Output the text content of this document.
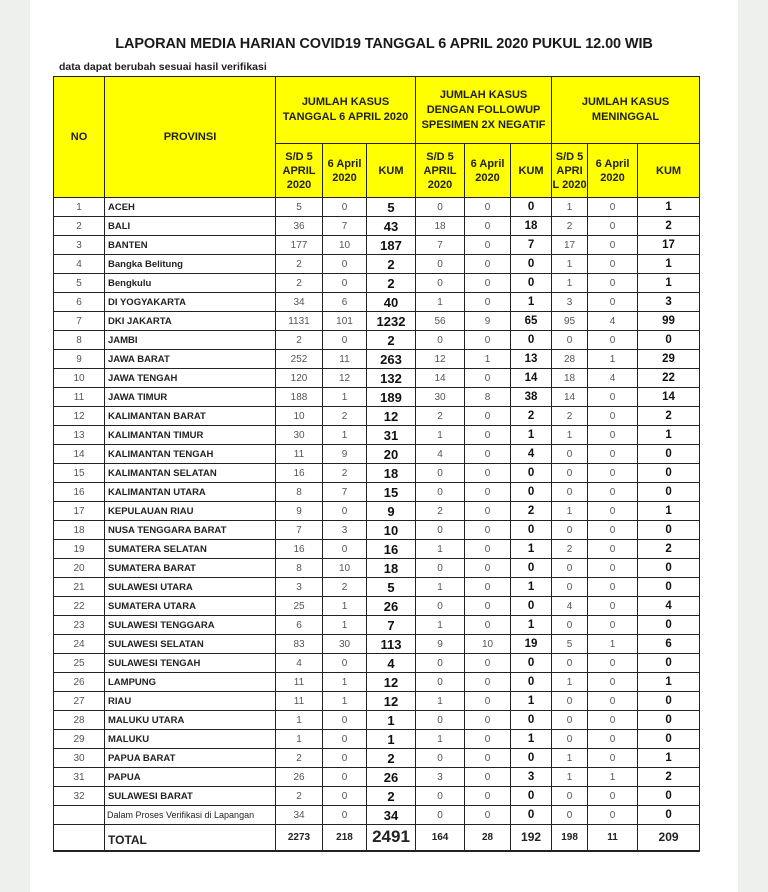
LAPORAN MEDIA HARIAN COVID19 TANGGAL 6 APRIL 2020 PUKUL 12.00 WIB
data dapat berubah sesuai hasil verifikasi
NO	PROVINSI	JUMLAH KASUS TANGGAL 6 APRIL 2020			JUMLAH KASUS DENGAN FOLLOWUP SPESIMEN 2X NEGATIF			JUMLAH KASUS MENINGGAL		
		S/D 5 APRIL 2020	6 April 2020	KUM	S/D 5 APRIL 2020	6 April 2020	KUM	S/D 5 APRI L 2020	6 April 2020	KUM
1	ACEH	5	0	5	0	0	0	1	0	1
2	BALI	36	7	43	18	0	18	2	0	2
3	BANTEN	177	10	187	7	0	7	17	0	17
4	Bangka Belitung	2	0	2	0	0	0	1	0	1
5	Bengkulu	2	0	2	0	0	0	1	0	1
6	DI YOGYAKARTA	34	6	40	1	0	1	3	0	3
7	DKI JAKARTA	1131	101	1232	56	9	65	95	4	99
8	JAMBI	2	0	2	0	0	0	0	0	0
9	JAWA BARAT	252	11	263	12	1	13	28	1	29
10	JAWA TENGAH	120	12	132	14	0	14	18	4	22
11	JAWA TIMUR	188	1	189	30	8	38	14	0	14
12	KALIMANTAN BARAT	10	2	12	2	0	2	2	0	2
13	KALIMANTAN TIMUR	30	1	31	1	0	1	1	0	1
14	KALIMANTAN TENGAH	11	9	20	4	0	4	0	0	0
15	KALIMANTAN SELATAN	16	2	18	0	0	0	0	0	0
16	KALIMANTAN UTARA	8	7	15	0	0	0	0	0	0
17	KEPULAUAN RIAU	9	0	9	2	0	2	1	0	1
18	NUSA TENGGARA BARAT	7	3	10	0	0	0	0	0	0
19	SUMATERA SELATAN	16	0	16	1	0	1	2	0	2
20	SUMATERA BARAT	8	10	18	0	0	0	0	0	0
21	SULAWESI UTARA	3	2	5	1	0	1	0	0	0
22	SUMATERA UTARA	25	1	26	0	0	0	4	0	4
23	SULAWESI TENGGARA	6	1	7	1	0	1	0	0	0
24	SULAWESI SELATAN	83	30	113	9	10	19	5	1	6
25	SULAWESI TENGAH	4	0	4	0	0	0	0	0	0
26	LAMPUNG	11	1	12	0	0	0	1	0	1
27	RIAU	11	1	12	1	0	1	0	0	0
28	MALUKU UTARA	1	0	1	0	0	0	0	0	0
29	MALUKU	1	0	1	1	0	1	0	0	0
30	PAPUA BARAT	2	0	2	0	0	0	1	0	1
31	PAPUA	26	0	26	3	0	3	1	1	2
32	SULAWESI BARAT	2	0	2	0	0	0	0	0	0
	Dalam Proses Verifikasi di Lapangan	34	0	34	0	0	0	0	0	0
	TOTAL	2273	218	2491	164	28	192	198	11	209
